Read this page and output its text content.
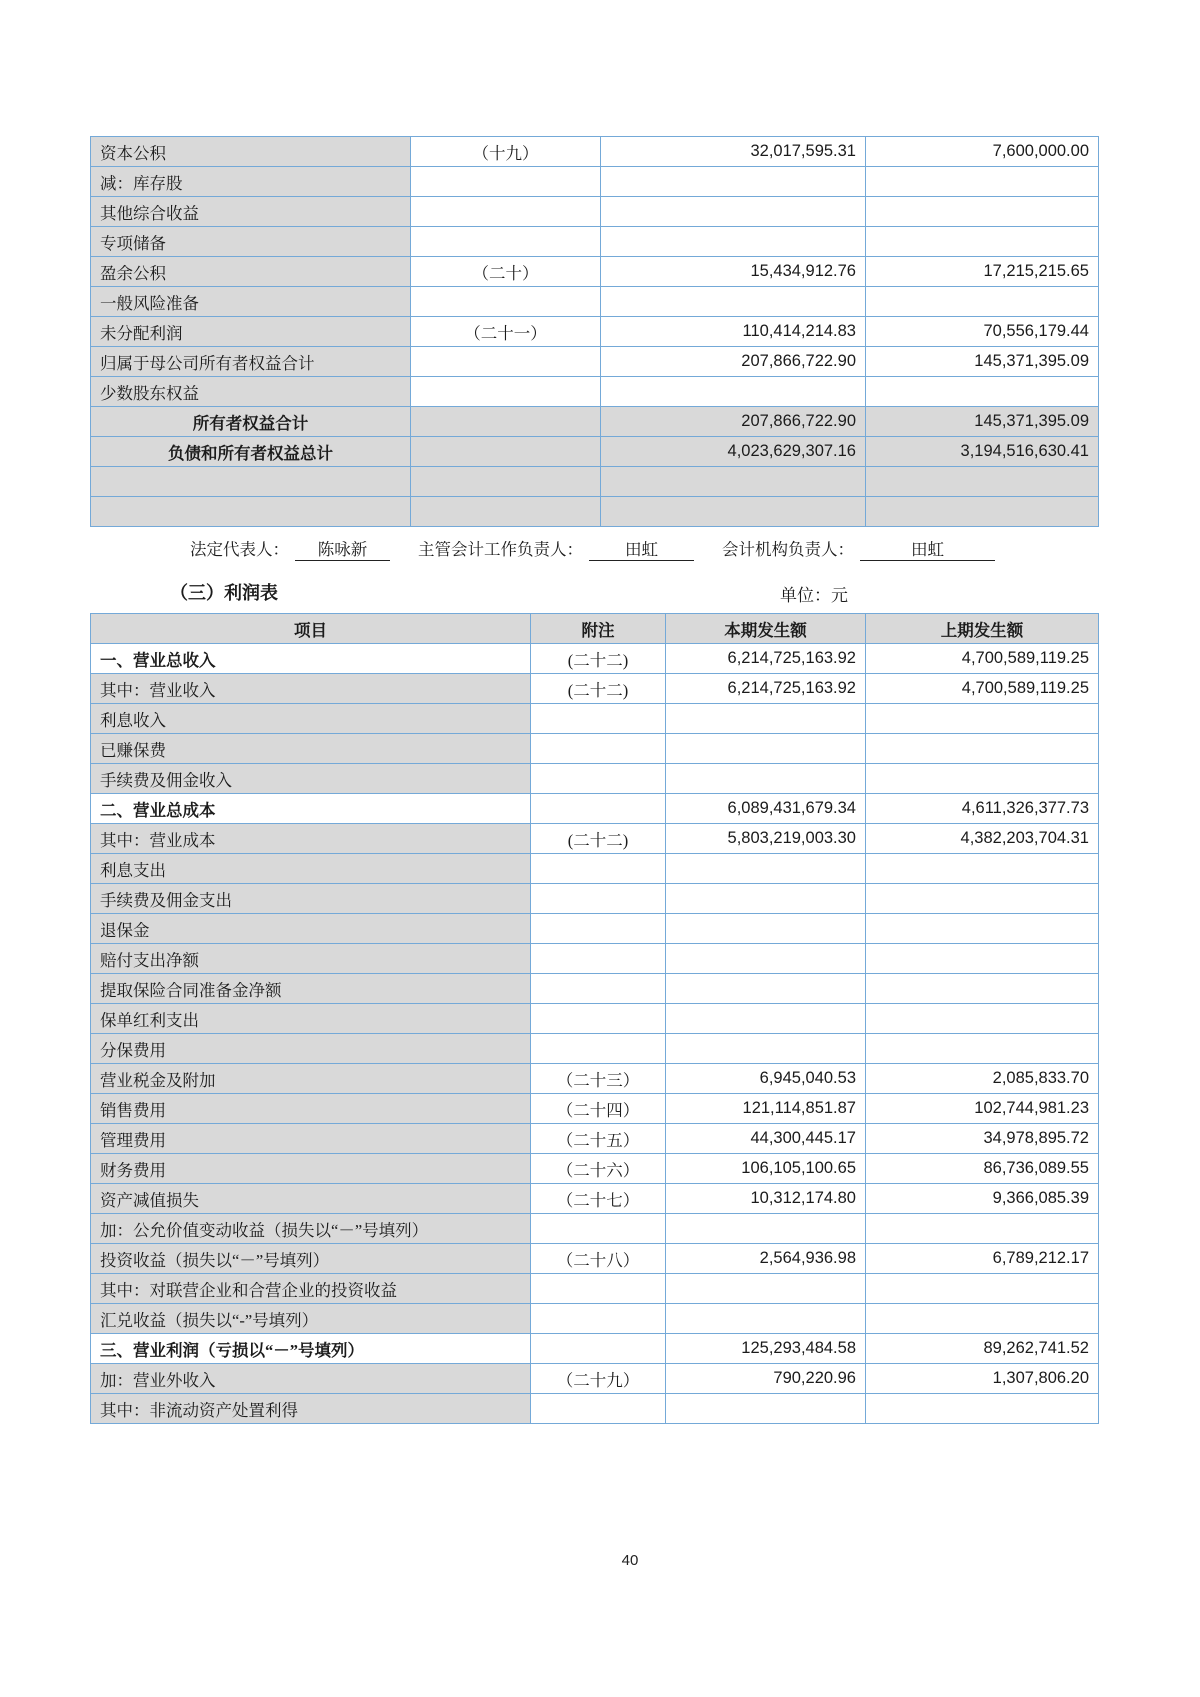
资本公积	（十九）	32,017,595.31	7,600,000.00
减：库存股			
其他综合收益			
专项储备			
盈余公积	（二十）	15,434,912.76	17,215,215.65
一般风险准备			
未分配利润	（二十一）	110,414,214.83	70,556,179.44
归属于母公司所有者权益合计		207,866,722.90	145,371,395.09
少数股东权益			
所有者权益合计		207,866,722.90	145,371,395.09
负债和所有者权益总计		4,023,629,307.16	3,194,516,630.41

法定代表人： 陈咏新	主管会计工作负责人：	田虹	会计机构负责人：	田虹
（三）利润表	单位：元
项目	附注	本期发生额	上期发生额
一、营业总收入	(二十二)	6,214,725,163.92	4,700,589,119.25
其中：营业收入	(二十二)	6,214,725,163.92	4,700,589,119.25
利息收入			
已赚保费			
手续费及佣金收入			
二、营业总成本		6,089,431,679.34	4,611,326,377.73
其中：营业成本	(二十二)	5,803,219,003.30	4,382,203,704.31
利息支出			
手续费及佣金支出			
退保金			
赔付支出净额			
提取保险合同准备金净额			
保单红利支出			
分保费用			
营业税金及附加	（二十三）	6,945,040.53	2,085,833.70
销售费用	（二十四）	121,114,851.87	102,744,981.23
管理费用	（二十五）	44,300,445.17	34,978,895.72
财务费用	（二十六）	106,105,100.65	86,736,089.55
资产减值损失	（二十七）	10,312,174.80	9,366,085.39
加：公允价值变动收益（损失以“－”号填列）			
投资收益（损失以“－”号填列）	（二十八）	2,564,936.98	6,789,212.17
其中：对联营企业和合营企业的投资收益			
汇兑收益（损失以“-”号填列）			
三、营业利润（亏损以“－”号填列）		125,293,484.58	89,262,741.52
加：营业外收入	（二十九）	790,220.96	1,307,806.20
其中：非流动资产处置利得			
40
